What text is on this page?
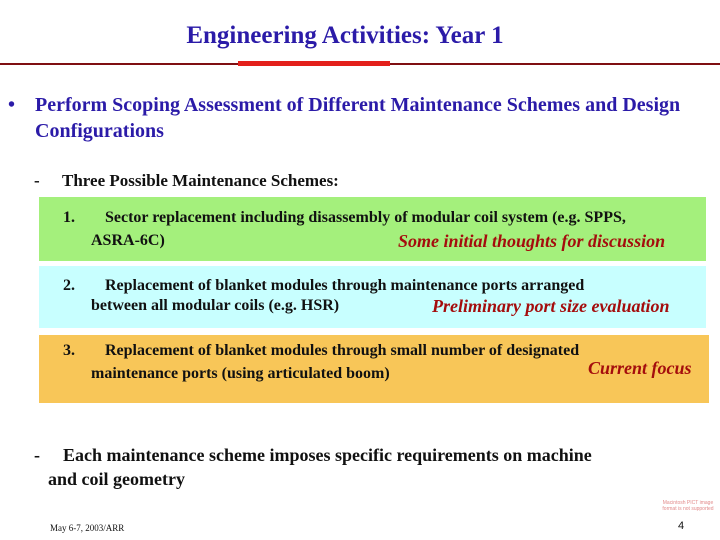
Engineering Activities: Year 1
• Perform Scoping Assessment of Different Maintenance Schemes and Design Configurations
- Three Possible Maintenance Schemes:
1. Sector replacement including disassembly of modular coil system (e.g. SPPS,
ASRA-6C)	Some initial thoughts for discussion
2. Replacement of blanket modules through maintenance ports arranged
between all modular coils (e.g. HSR)	Preliminary port size evaluation
3. Replacement of blanket modules through small number of designated
maintenance ports (using articulated boom)	Current focus
-	Each maintenance scheme imposes specific requirements on machine
and coil geometry
Macintosh PICT image format is not supported
May 6-7, 2003/ARR	4
